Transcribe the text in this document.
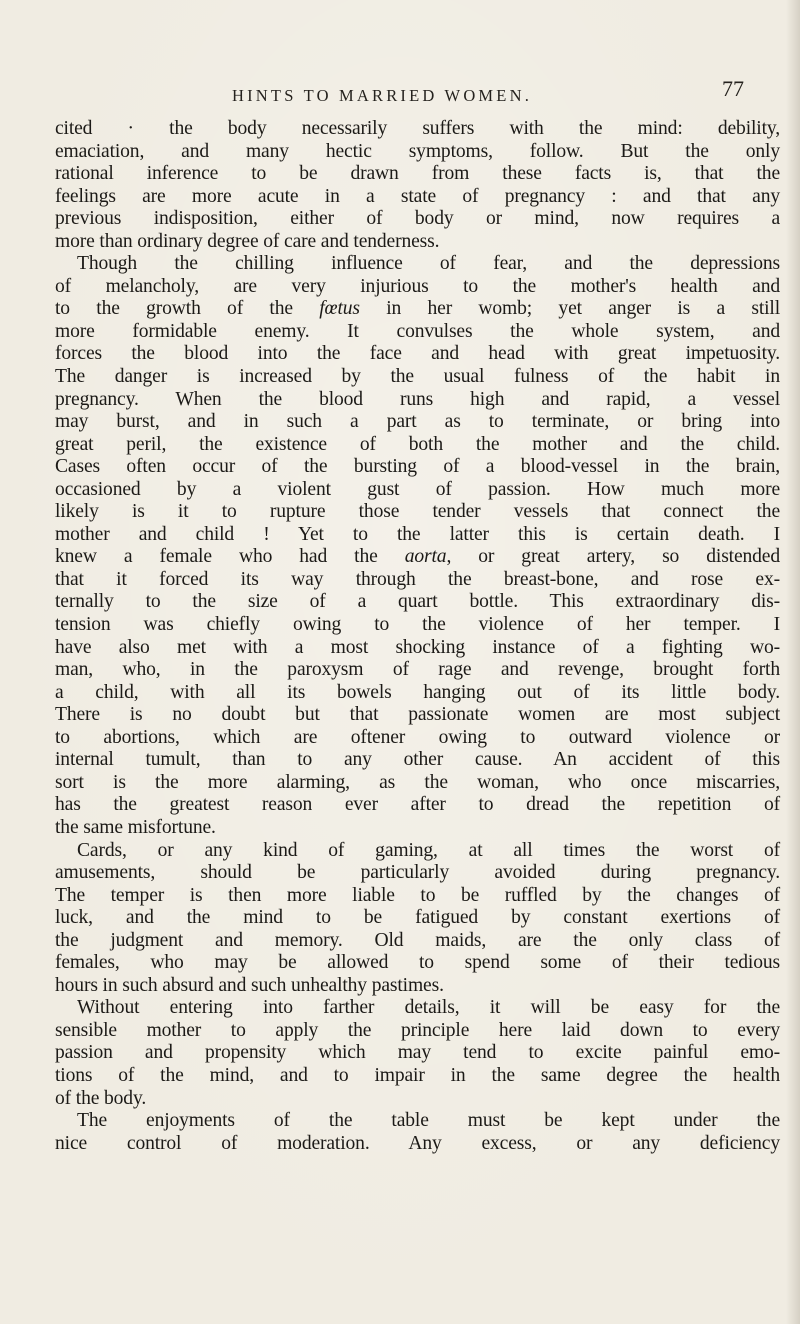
HINTS TO MARRIED WOMEN.	77
cited · the body necessarily suffers with the mind: debility,
emaciation, and many hectic symptoms, follow. But the only
rational inference to be drawn from these facts is, that the
feelings are more acute in a state of pregnancy : and that any
previous indisposition, either of body or mind, now requires a
more than ordinary degree of care and tenderness.
Though the chilling influence of fear, and the depressions
of melancholy, are very injurious to the mother's health and
to the growth of the fœtus in her womb; yet anger is a still
more formidable enemy. It convulses the whole system, and
forces the blood into the face and head with great impetuosity.
The danger is increased by the usual fulness of the habit in
pregnancy. When the blood runs high and rapid, a vessel
may burst, and in such a part as to terminate, or bring into
great peril, the existence of both the mother and the child.
Cases often occur of the bursting of a blood-vessel in the brain,
occasioned by a violent gust of passion. How much more
likely is it to rupture those tender vessels that connect the
mother and child ! Yet to the latter this is certain death. I
knew a female who had the aorta, or great artery, so distended
that it forced its way through the breast-bone, and rose ex-
ternally to the size of a quart bottle. This extraordinary dis-
tension was chiefly owing to the violence of her temper. I
have also met with a most shocking instance of a fighting wo-
man, who, in the paroxysm of rage and revenge, brought forth
a child, with all its bowels hanging out of its little body.
There is no doubt but that passionate women are most subject
to abortions, which are oftener owing to outward violence or
internal tumult, than to any other cause. An accident of this
sort is the more alarming, as the woman, who once miscarries,
has the greatest reason ever after to dread the repetition of
the same misfortune.
Cards, or any kind of gaming, at all times the worst of
amusements, should be particularly avoided during pregnancy.
The temper is then more liable to be ruffled by the changes of
luck, and the mind to be fatigued by constant exertions of
the judgment and memory. Old maids, are the only class of
females, who may be allowed to spend some of their tedious
hours in such absurd and such unhealthy pastimes.
Without entering into farther details, it will be easy for the
sensible mother to apply the principle here laid down to every
passion and propensity which may tend to excite painful emo-
tions of the mind, and to impair in the same degree the health
of the body.
The enjoyments of the table must be kept under the
nice control of moderation. Any excess, or any deficiency
